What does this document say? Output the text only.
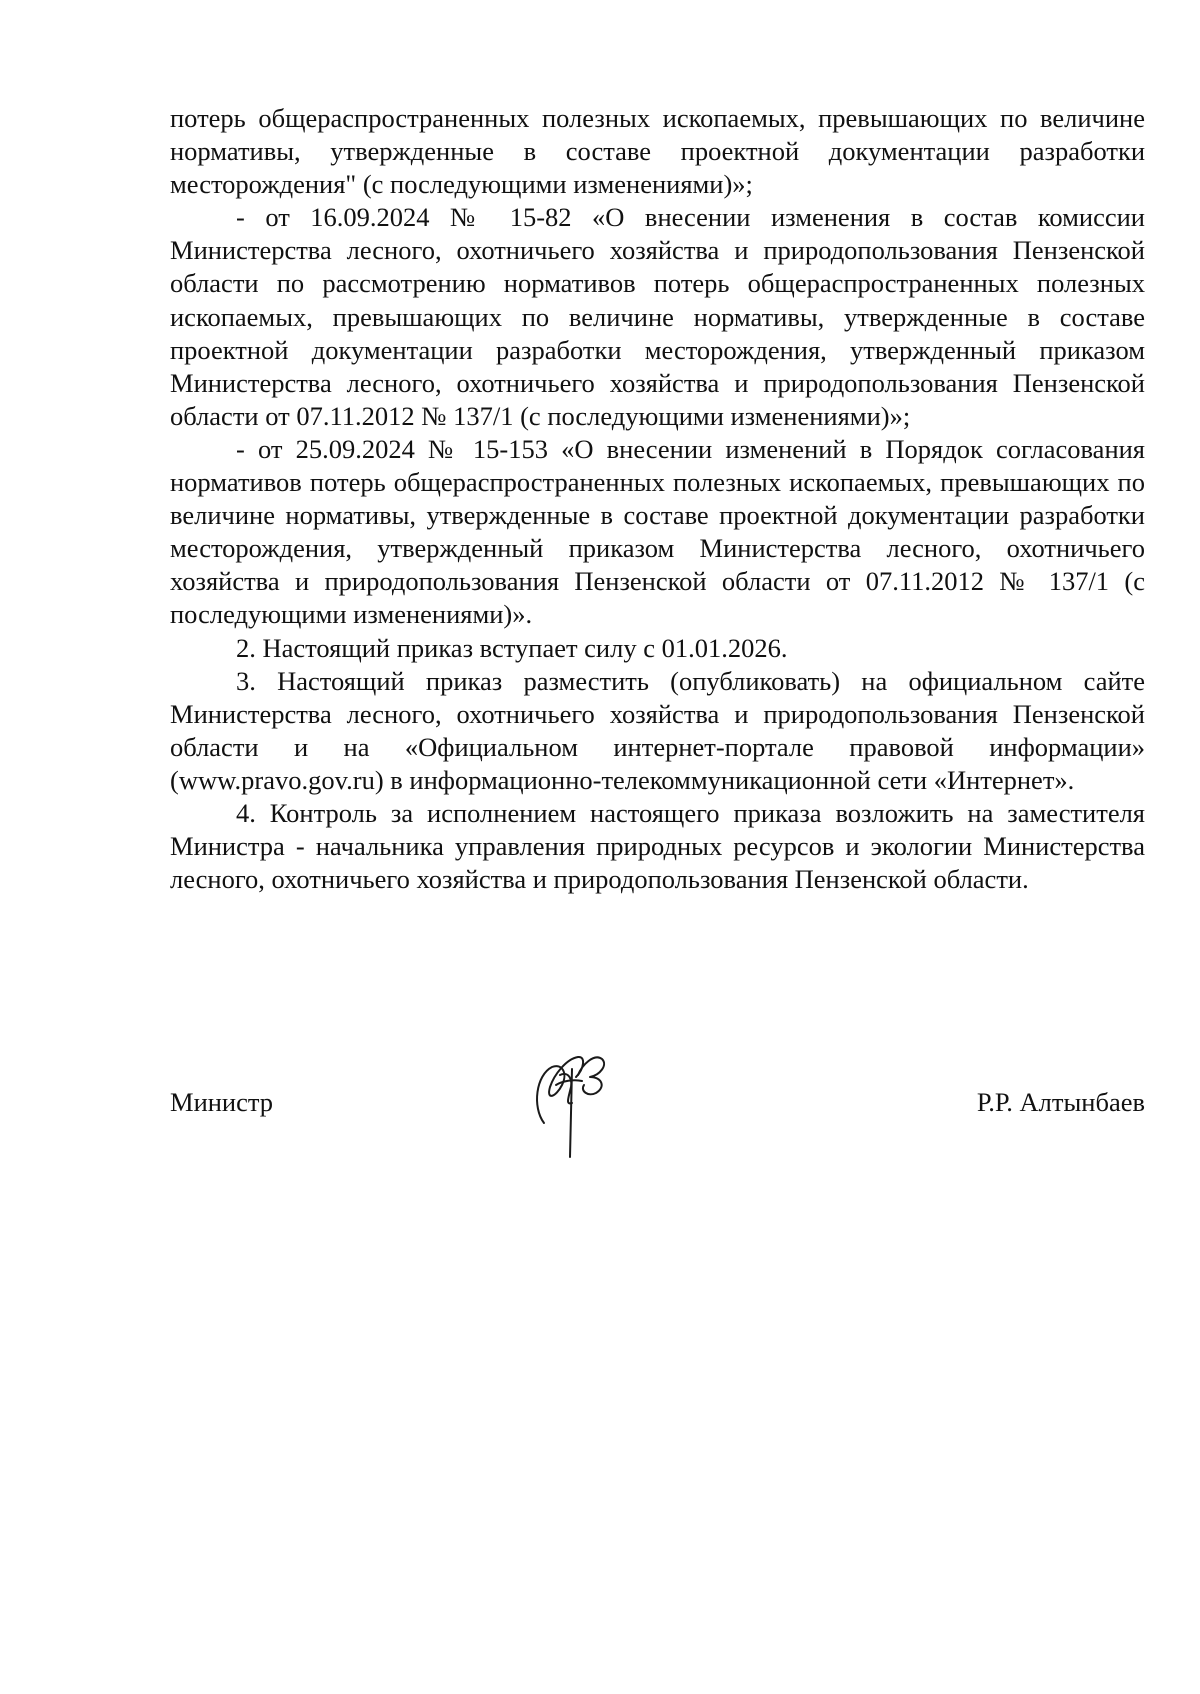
потерь общераспространенных полезных ископаемых, превышающих по величине нормативы, утвержденные в составе проектной документации разработки месторождения" (с последующими изменениями)»;

- от 16.09.2024 № 15-82 «О внесении изменения в состав комиссии Министерства лесного, охотничьего хозяйства и природопользования Пензенской области по рассмотрению нормативов потерь общераспространенных полезных ископаемых, превышающих по величине нормативы, утвержденные в составе проектной документации разработки месторождения, утвержденный приказом Министерства лесного, охотничьего хозяйства и природопользования Пензенской области от 07.11.2012 № 137/1 (с последующими изменениями)»;

- от 25.09.2024 № 15-153 «О внесении изменений в Порядок согласования нормативов потерь общераспространенных полезных ископаемых, превышающих по величине нормативы, утвержденные в составе проектной документации разработки месторождения, утвержденный приказом Министерства лесного, охотничьего хозяйства и природопользования Пензенской области от 07.11.2012 № 137/1 (с последующими изменениями)».

2. Настоящий приказ вступает силу с 01.01.2026.

3. Настоящий приказ разместить (опубликовать) на официальном сайте Министерства лесного, охотничьего хозяйства и природопользования Пензенской области и на «Официальном интернет-портале правовой информации» (www.pravo.gov.ru) в информационно-телекоммуникационной сети «Интернет».

4. Контроль за исполнением настоящего приказа возложить на заместителя Министра - начальника управления природных ресурсов и экологии Министерства лесного, охотничьего хозяйства и природопользования Пензенской области.

Министр	Р.Р. Алтынбаев
